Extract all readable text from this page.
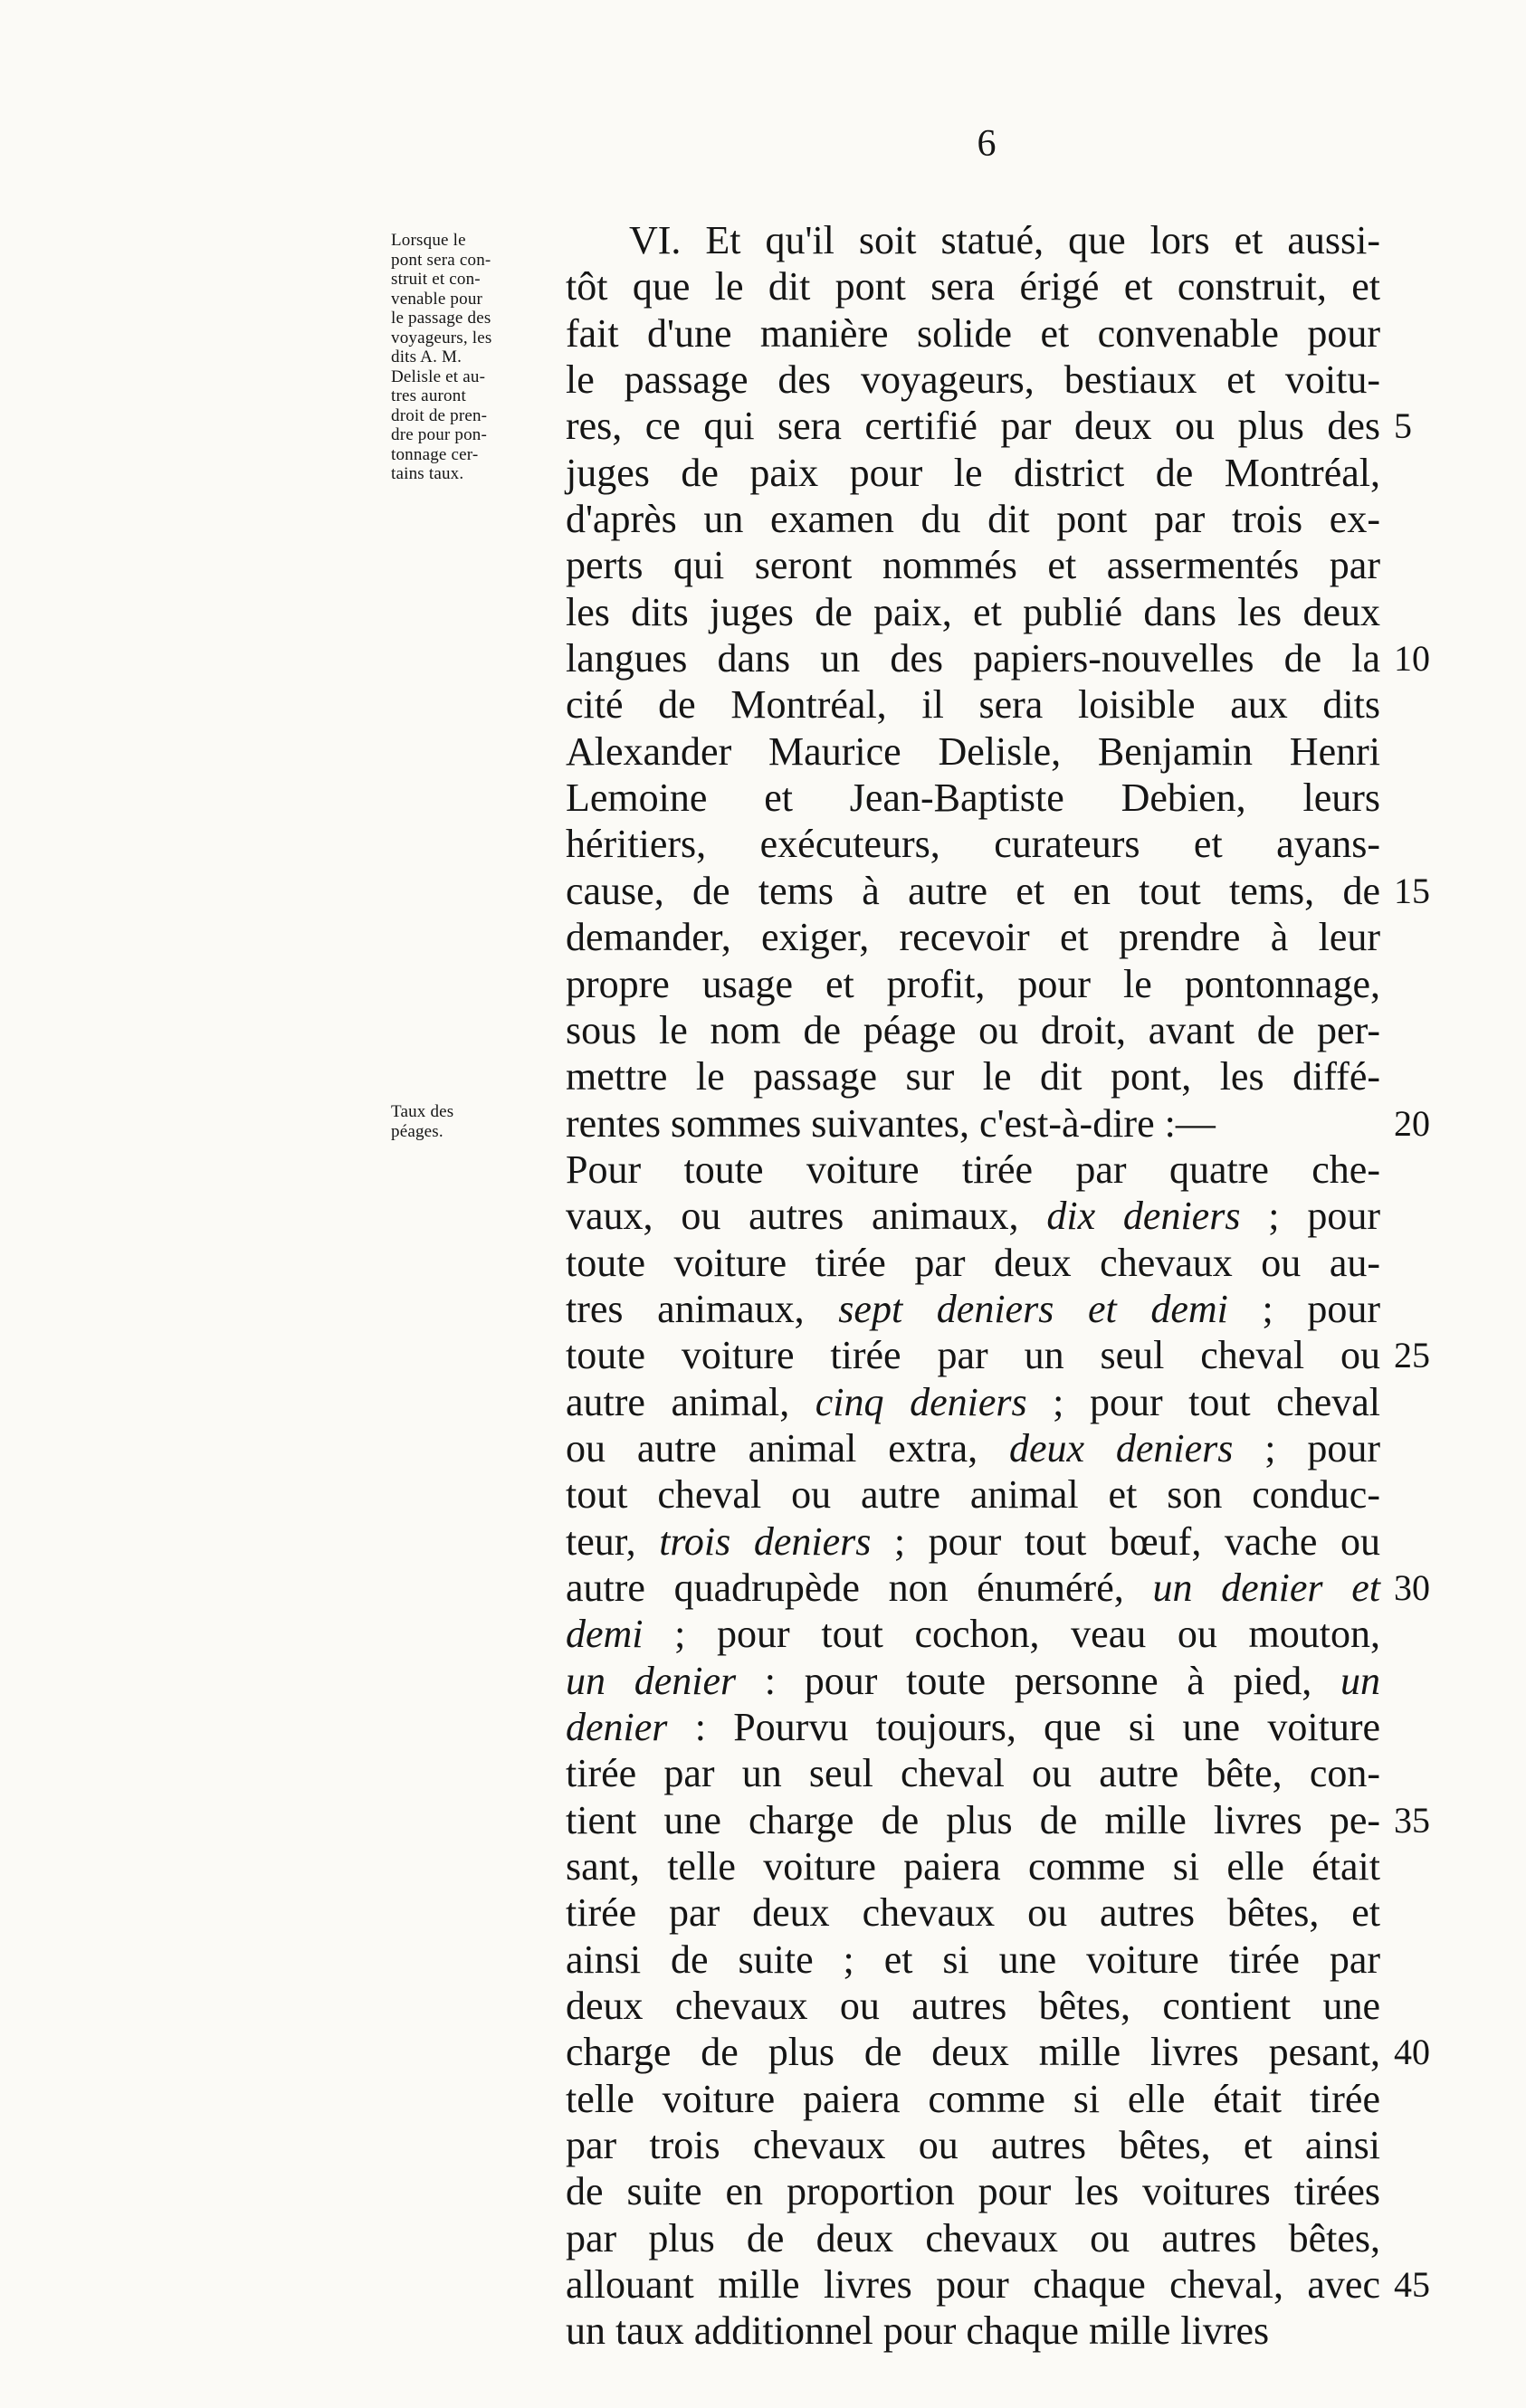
6
Lorsque le
pont sera con-
struit et con-
venable pour
le passage des
voyageurs, les
dits A. M.
Delisle et au-
tres auront
droit de pren-
dre pour pon-
tonnage cer-
tains taux.
Taux des
péages.
VI. Et qu'il soit statué, que lors et aussi-
tôt que le dit pont sera érigé et construit, et
fait d'une manière solide et convenable pour
le passage des voyageurs, bestiaux et voitu-
res, ce qui sera certifié par deux ou plus des 5
juges de paix pour le district de Montréal,
d'après un examen du dit pont par trois ex-
perts qui seront nommés et assermentés par
les dits juges de paix, et publié dans les deux
langues dans un des papiers-nouvelles de la 10
cité de Montréal, il sera loisible aux dits
Alexander Maurice Delisle, Benjamin Henri
Lemoine et Jean-Baptiste Debien, leurs
héritiers, exécuteurs, curateurs et ayans-
cause, de tems à autre et en tout tems, de 15
demander, exiger, recevoir et prendre à leur
propre usage et profit, pour le pontonnage,
sous le nom de péage ou droit, avant de per-
mettre le passage sur le dit pont, les diffé-
rentes sommes suivantes, c'est-à-dire :—	20
Pour toute voiture tirée par quatre che-
vaux, ou autres animaux, dix deniers ; pour
toute voiture tirée par deux chevaux ou au-
tres animaux, sept deniers et demi ; pour
toute voiture tirée par un seul cheval ou 25
autre animal, cinq deniers ; pour tout cheval
ou autre animal extra, deux deniers ; pour
tout cheval ou autre animal et son conduc-
teur, trois deniers ; pour tout bœuf, vache ou
autre quadrupède non énuméré, un denier et 30
demi ; pour tout cochon, veau ou mouton,
un denier : pour toute personne à pied, un
denier : Pourvu toujours, que si une voiture
tirée par un seul cheval ou autre bête, con-
tient une charge de plus de mille livres pe- 35
sant, telle voiture paiera comme si elle était
tirée par deux chevaux ou autres bêtes, et
ainsi de suite ; et si une voiture tirée par
deux chevaux ou autres bêtes, contient une
charge de plus de deux mille livres pesant, 40
telle voiture paiera comme si elle était tirée
par trois chevaux ou autres bêtes, et ainsi
de suite en proportion pour les voitures tirées
par plus de deux chevaux ou autres bêtes,
allouant mille livres pour chaque cheval, avec 45
un taux additionnel pour chaque mille livres
